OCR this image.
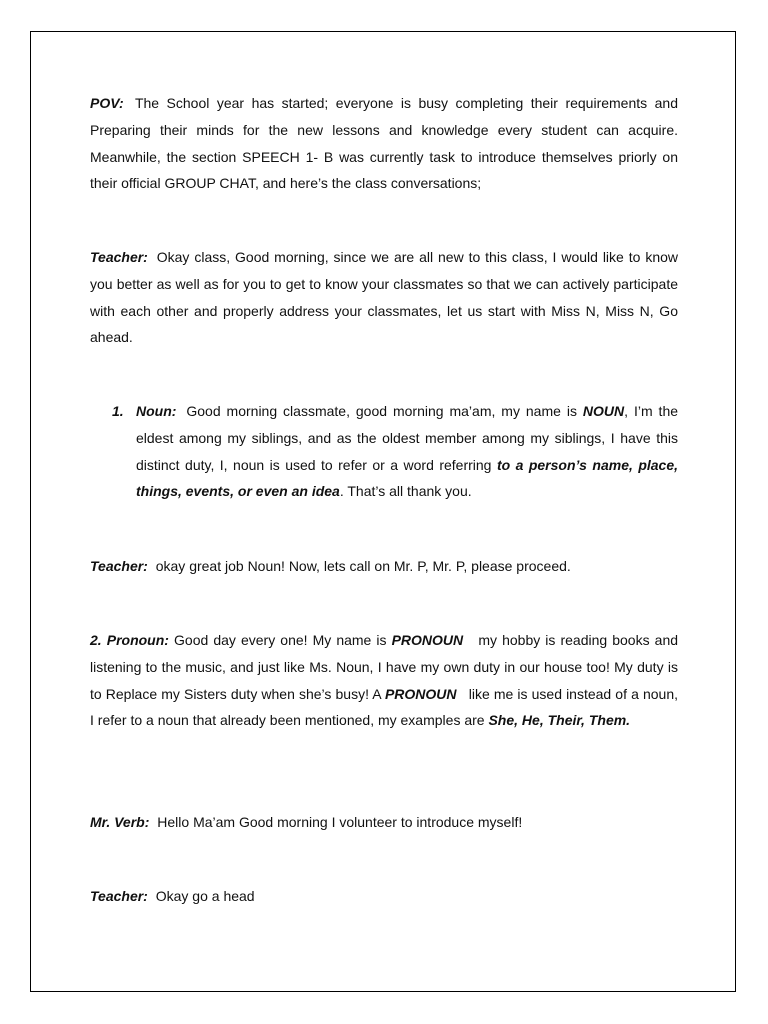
POV: The School year has started; everyone is busy completing their requirements and Preparing their minds for the new lessons and knowledge every student can acquire. Meanwhile, the section SPEECH 1- B was currently task to introduce themselves priorly on their official GROUP CHAT, and here’s the class conversations;

Teacher: Okay class, Good morning, since we are all new to this class, I would like to know you better as well as for you to get to know your classmates so that we can actively participate with each other and properly address your classmates, let us start with Miss N, Miss N, Go ahead.

1. Noun: Good morning classmate, good morning ma’am, my name is NOUN, I’m the eldest among my siblings, and as the oldest member among my siblings, I have this distinct duty, I, noun is used to refer or a word referring to a person’s name, place, things, events, or even an idea. That’s all thank you.

Teacher: okay great job Noun! Now, lets call on Mr. P, Mr. P, please proceed.

2. Pronoun: Good day every one! My name is PRONOUN my hobby is reading books and listening to the music, and just like Ms. Noun, I have my own duty in our house too! My duty is to Replace my Sisters duty when she’s busy! A PRONOUN like me is used instead of a noun, I refer to a noun that already been mentioned, my examples are She, He, Their, Them.

Mr. Verb: Hello Ma’am Good morning I volunteer to introduce myself!

Teacher: Okay go a head
